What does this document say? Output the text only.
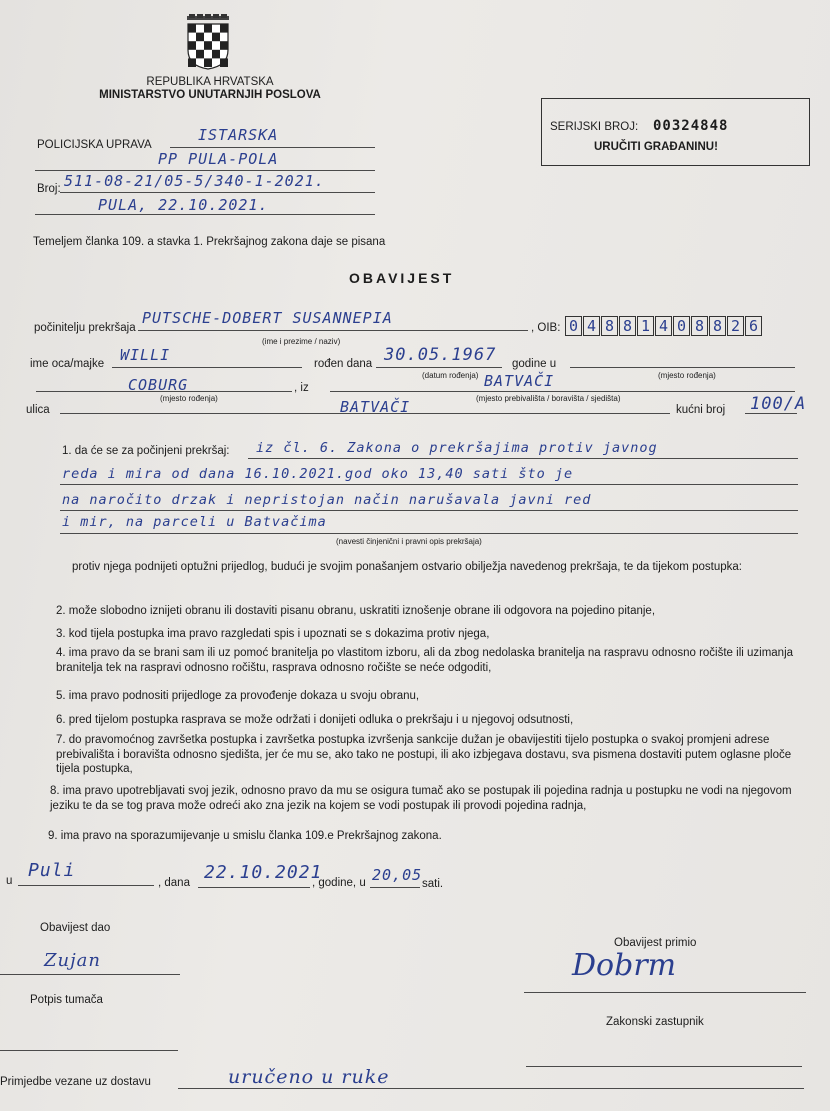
REPUBLIKA HRVATSKA
MINISTARSTVO UNUTARNJIH POSLOVA
SERIJSKI BROJ: 00324848
URUČITI GRAĐANINU!
POLICIJSKA UPRAVA
ISTARSKA
PP PULA-POLA
Broj: 511-08-21/05-5/340-1-2021.
PULA, 22.10.2021.
Temeljem članka 109. a stavka 1. Prekršajnog zakona daje se pisana
OBAVIJEST
počinitelju prekršaja
PUTSCHE-DOBERT SUSANNEPIA
(ime i prezime / naziv)
, OIB: 0 4 8 8 1 4 0 8 8 2 6
ime oca/majke WILLI	rođen dana 30.05.1967
(datum rođenja)
godine u
(mjesto rođenja)
COBURG	, iz	BATVAČI
(mjesto rođenja)	(mjesto prebivališta / boravišta / sjedišta)
ulica	BATVAČI	kućni broj 100/A
1. da će se za počinjeni prekršaj: iz čl. 6. Zakona o prekršajima protiv javnog
reda i mira od dana 16.10.2021.god oko 13,40 sati što je
na naročito drzak i nepristojan način narušavala javni red
i mir, na parceli u Batvačima
(navesti činjenični i pravni opis prekršaja)
protiv njega podnijeti optužni prijedlog, budući je svojim ponašanjem ostvario obilježja navedenog prekršaja, te da tijekom postupka:
2. može slobodno iznijeti obranu ili dostaviti pisanu obranu, uskratiti iznošenje obrane ili odgovora na pojedino pitanje,
3. kod tijela postupka ima pravo razgledati spis i upoznati se s dokazima protiv njega,
4. ima pravo da se brani sam ili uz pomoć branitelja po vlastitom izboru, ali da zbog nedolaska branitelja na raspravu odnosno ročište ili uzimanja branitelja tek na raspravi odnosno ročištu, rasprava odnosno ročište se neće odgoditi,
5. ima pravo podnositi prijedloge za provođenje dokaza u svoju obranu,
6. pred tijelom postupka rasprava se može održati i donijeti odluka o prekršaju i u njegovoj odsutnosti,
7. do pravomoćnog završetka postupka i završetka postupka izvršenja sankcije dužan je obavijestiti tijelo postupka o svakoj promjeni adrese prebivališta i boravišta odnosno sjedišta, jer će mu se, ako tako ne postupi, ili ako izbjegava dostavu, sva pismena dostaviti putem oglasne ploče tijela postupka,
8. ima pravo upotrebljavati svoj jezik, odnosno pravo da mu se osigura tumač ako se postupak ili pojedina radnja u postupku ne vodi na njegovom jeziku te da se tog prava može odreći ako zna jezik na kojem se vodi postupak ili provodi pojedina radnja,
9. ima pravo na sporazumijevanje u smislu članka 109.e Prekršajnog zakona.
u Puli
, dana 22.10.2021
, godine, u 20,05 sati.
Obavijest dao
Zujan
Potpis tumača
Obavijest primio
Dobrm
Zakonski zastupnik
Primjedbe vezane uz dostavu	uručeno u ruke
